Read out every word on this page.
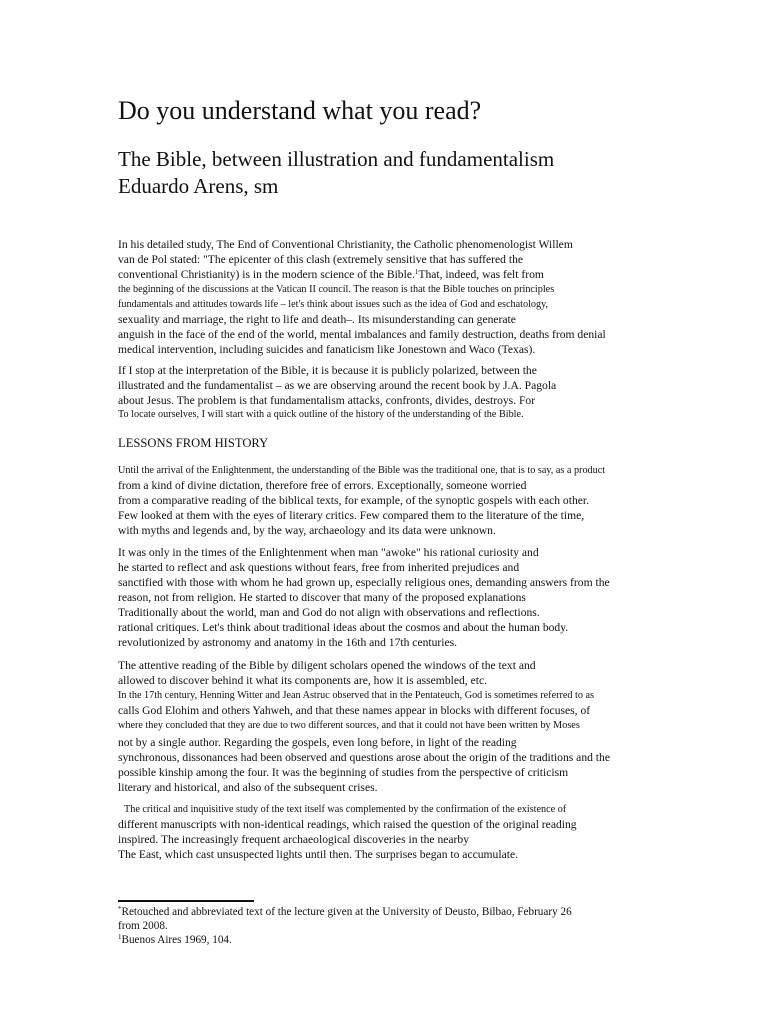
Do you understand what you read?
The Bible, between illustration and fundamentalism
Eduardo Arens, sm
In his detailed study, The End of Conventional Christianity, the Catholic phenomenologist Willem
van de Pol stated: "The epicenter of this clash (extremely sensitive that has suffered the
conventional Christianity) is in the modern science of the Bible.$^1$That, indeed, was felt from
the beginning of the discussions at the Vatican II council. The reason is that the Bible touches on principles
fundamentals and attitudes towards life – let's think about issues such as the idea of God and eschatology,
sexuality and marriage, the right to life and death–. Its misunderstanding can generate
anguish in the face of the end of the world, mental imbalances and family destruction, deaths from denial
medical intervention, including suicides and fanaticism like Jonestown and Waco (Texas).
If I stop at the interpretation of the Bible, it is because it is publicly polarized, between the
illustrated and the fundamentalist – as we are observing around the recent book by J.A. Pagola
about Jesus. The problem is that fundamentalism attacks, confronts, divides, destroys. For
To locate ourselves, I will start with a quick outline of the history of the understanding of the Bible.
LESSONS FROM HISTORY
Until the arrival of the Enlightenment, the understanding of the Bible was the traditional one, that is to say, as a product
from a kind of divine dictation, therefore free of errors. Exceptionally, someone worried
from a comparative reading of the biblical texts, for example, of the synoptic gospels with each other.
Few looked at them with the eyes of literary critics. Few compared them to the literature of the time,
with myths and legends and, by the way, archaeology and its data were unknown.
It was only in the times of the Enlightenment when man "awoke" his rational curiosity and
he started to reflect and ask questions without fears, free from inherited prejudices and
sanctified with those with whom he had grown up, especially religious ones, demanding answers from the
reason, not from religion. He started to discover that many of the proposed explanations
Traditionally about the world, man and God do not align with observations and reflections.
rational critiques. Let's think about traditional ideas about the cosmos and about the human body.
revolutionized by astronomy and anatomy in the 16th and 17th centuries.
The attentive reading of the Bible by diligent scholars opened the windows of the text and
allowed to discover behind it what its components are, how it is assembled, etc.
In the 17th century, Henning Witter and Jean Astruc observed that in the Pentateuch, God is sometimes referred to as
calls God Elohim and others Yahweh, and that these names appear in blocks with different focuses, of
where they concluded that they are due to two different sources, and that it could not have been written by Moses
not by a single author. Regarding the gospels, even long before, in light of the reading
synchronous, dissonances had been observed and questions arose about the origin of the traditions and the
possible kinship among the four. It was the beginning of studies from the perspective of criticism
literary and historical, and also of the subsequent crises.
The critical and inquisitive study of the text itself was complemented by the confirmation of the existence of
different manuscripts with non-identical readings, which raised the question of the original reading
inspired. The increasingly frequent archaeological discoveries in the nearby
The East, which cast unsuspected lights until then. The surprises began to accumulate.
*Retouched and abbreviated text of the lecture given at the University of Deusto, Bilbao, February 26
from 2008.
$^1$Buenos Aires 1969, 104.
